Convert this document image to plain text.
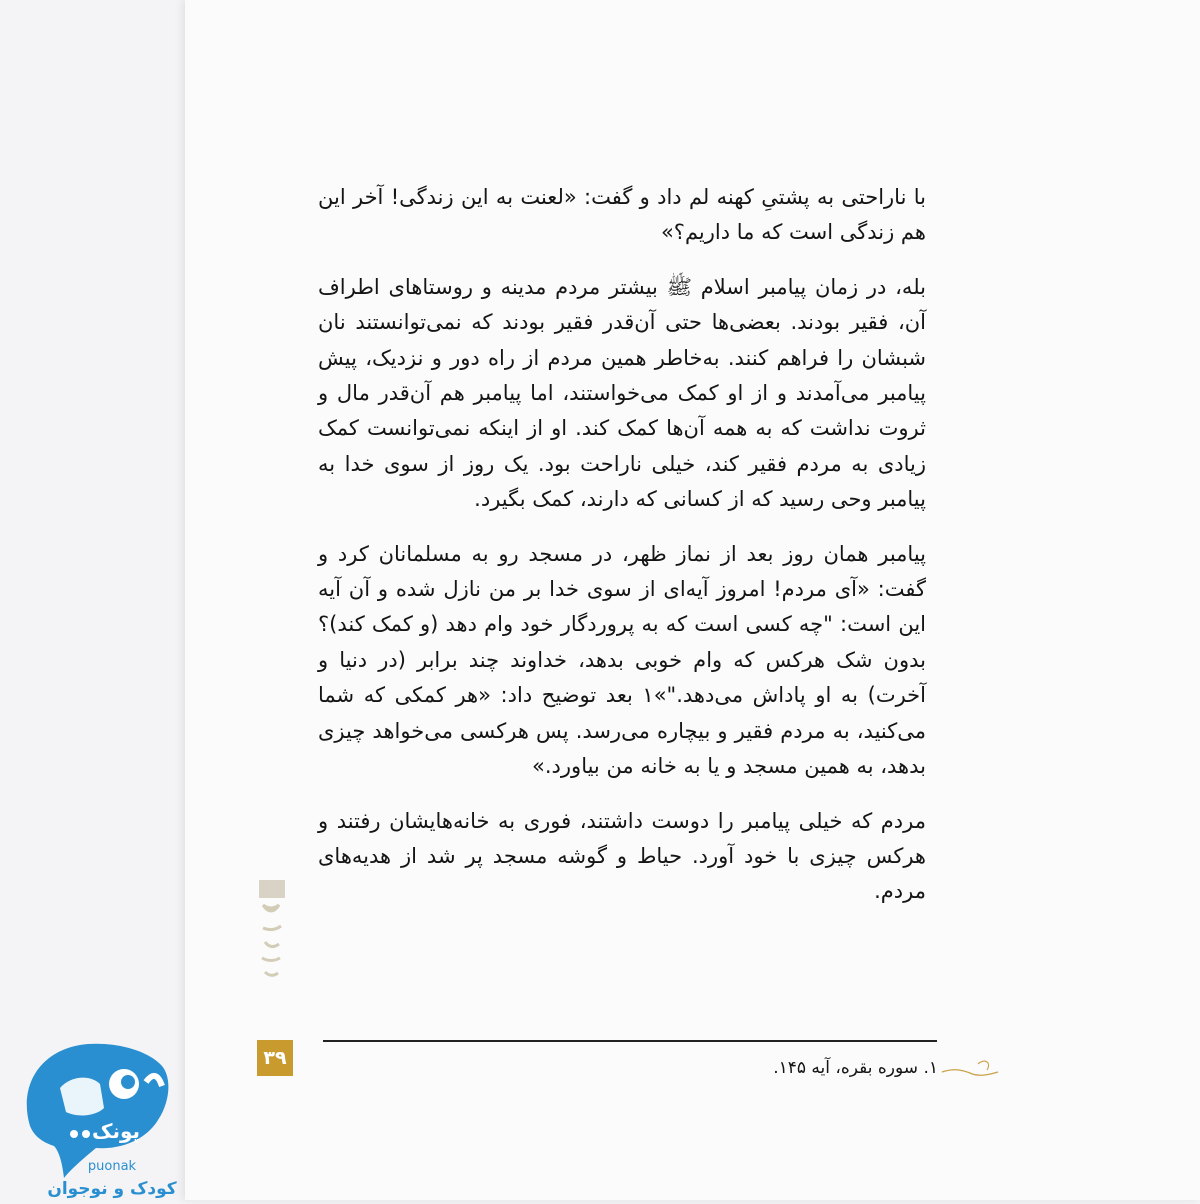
با ناراحتی به پشتیِ کهنه لم داد و گفت: «لعنت به این زندگی! آخر این هم زندگی است که ما داریم؟»

بله، در زمان پیامبر اسلام ﷺ بیشتر مردم مدینه و روستاهای اطراف آن، فقیر بودند. بعضی‌ها حتی آن‌قدر فقیر بودند که نمی‌توانستند نان شبشان را فراهم کنند. به‌خاطر همین مردم از راه دور و نزدیک، پیش پیامبر می‌آمدند و از او کمک می‌خواستند، اما پیامبر هم آن‌قدر مال و ثروت نداشت که به همه آن‌ها کمک کند. او از اینکه نمی‌توانست کمک زیادی به مردم فقیر کند، خیلی ناراحت بود. یک روز از سوی خدا به پیامبر وحی رسید که از کسانی که دارند، کمک بگیرد.

پیامبر همان روز بعد از نماز ظهر، در مسجد رو به مسلمانان کرد و گفت: «آی مردم! امروز آیه‌ای از سوی خدا بر من نازل شده و آن آیه این است: "چه کسی است که به پروردگار خود وام دهد (و کمک کند)؟ بدون شک هرکس که وام خوبی بدهد، خداوند چند برابر (در دنیا و آخرت) به او پاداش می‌دهد."»۱ بعد توضیح داد: «هر کمکی که شما می‌کنید، به مردم فقیر و بیچاره می‌رسد. پس هرکسی می‌خواهد چیزی بدهد، به همین مسجد و یا به خانه من بیاورد.»

مردم که خیلی پیامبر را دوست داشتند، فوری به خانه‌هایشان رفتند و هرکس چیزی با خود آورد. حیاط و گوشه مسجد پر شد از هدیه‌های مردم.

۱. سوره بقره، آیه ۱۴۵.
۳۹
پونک
puonak
کودک و نوجوان
